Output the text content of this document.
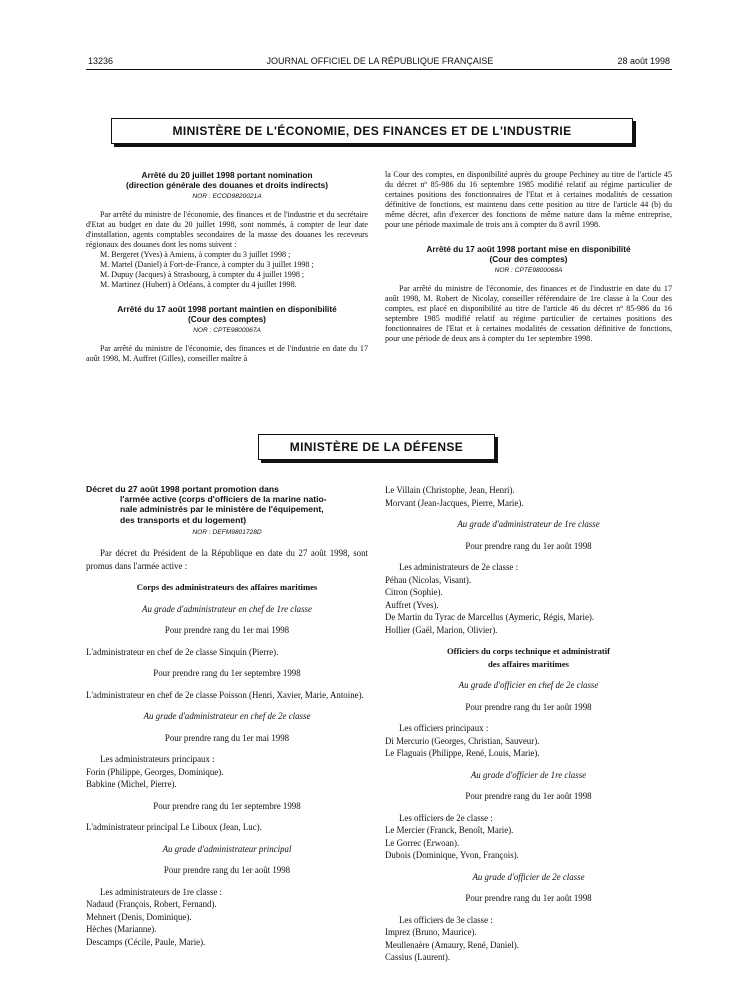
13236	JOURNAL OFFICIEL DE LA RÉPUBLIQUE FRANÇAISE	28 août 1998
MINISTÈRE DE L'ÉCONOMIE, DES FINANCES ET DE L'INDUSTRIE
Arrêté du 20 juillet 1998 portant nomination
(direction générale des douanes et droits indirects)
NOR : ECOD9820021A

Par arrêté du ministre de l'économie, des finances et de l'industrie et du secrétaire d'Etat au budget en date du 20 juillet 1998, sont nommés, à compter de leur date d'installation, agents comptables secondaires de la masse des douanes les receveurs régionaux des douanes dont les noms suivent :

M. Bergeret (Yves) à Amiens, à compter du 3 juillet 1998 ;

M. Martel (Daniel) à Fort-de-France, à compter du 3 juillet 1998 ;

M. Dupuy (Jacques) à Strasbourg, à compter du 4 juillet 1998 ;

M. Martinez (Hubert) à Orléans, à compter du 4 juillet 1998.

Arrêté du 17 août 1998 portant maintien en disponibilité
(Cour des comptes)
NOR : CPTE9800067A

Par arrêté du ministre de l'économie, des finances et de l'industrie en date du 17 août 1998, M. Auffret (Gilles), conseiller maître à

la Cour des comptes, en disponibilité auprès du groupe Pechiney au titre de l'article 45 du décret nº 85-986 du 16 septembre 1985 modifié relatif au régime particulier de certaines positions des fonctionnaires de l'Etat et à certaines modalités de cessation définitive de fonctions, est maintenu dans cette position au titre de l'article 44 (b) du même décret, afin d'exercer des fonctions de même nature dans la même entreprise, pour une période maximale de trois ans à compter du 8 avril 1998.

Arrêté du 17 août 1998 portant mise en disponibilité
(Cour des comptes)
NOR : CPTE9800068A

Par arrêté du ministre de l'économie, des finances et de l'industrie en date du 17 août 1998, M. Robert de Nicolay, conseiller référendaire de 1re classe à la Cour des comptes, est placé en disponibilité au titre de l'article 46 du décret nº 85-986 du 16 septembre 1985 modifié relatif au régime particulier de certaines positions des fonctionnaires de l'Etat et à certaines modalités de cessation définitive de fonctions, pour une période de deux ans à compter du 1er septembre 1998.

MINISTÈRE DE LA DÉFENSE
Décret du 27 août 1998 portant promotion dans
l'armée active (corps d'officiers de la marine natio-
nale administrés par le ministère de l'équipement,
des transports et du logement)
NOR : DEFM9801728D

Par décret du Président de la République en date du 27 août 1998, sont promus dans l'armée active :

Corps des administrateurs des affaires maritimes

Au grade d'administrateur en chef de 1re classe

Pour prendre rang du 1er mai 1998

L'administrateur en chef de 2e classe Sinquin (Pierre).

Pour prendre rang du 1er septembre 1998

L'administrateur en chef de 2e classe Poisson (Henri, Xavier, Marie, Antoine).

Au grade d'administrateur en chef de 2e classe

Pour prendre rang du 1er mai 1998

Les administrateurs principaux :

Forin (Philippe, Georges, Dominique).

Babkine (Michel, Pierre).

Pour prendre rang du 1er septembre 1998

L'administrateur principal Le Liboux (Jean, Luc).

Au grade d'administrateur principal

Pour prendre rang du 1er août 1998

Les administrateurs de 1re classe :

Nadaud (François, Robert, Fernand).

Mehnert (Denis, Dominique).

Hèches (Marianne).

Descamps (Cécile, Paule, Marie).

Le Villain (Christophe, Jean, Henri).

Morvant (Jean-Jacques, Pierre, Marie).

Au grade d'administrateur de 1re classe

Pour prendre rang du 1er août 1998

Les administrateurs de 2e classe :

Péhau (Nicolas, Visant).

Citron (Sophie).

Auffret (Yves).

De Martin du Tyrac de Marcellus (Aymeric, Régis, Marie).

Hollier (Gaël, Marion, Olivier).

Officiers du corps technique et administratif
des affaires maritimes

Au grade d'officier en chef de 2e classe

Pour prendre rang du 1er août 1998

Les officiers principaux :

Di Mercurio (Georges, Christian, Sauveur).

Le Flaguais (Philippe, René, Louis, Marie).

Au grade d'officier de 1re classe

Pour prendre rang du 1er août 1998

Les officiers de 2e classe :

Le Mercier (Franck, Benoît, Marie).

Le Gorrec (Erwoan).

Dubois (Dominique, Yvon, François).

Au grade d'officier de 2e classe

Pour prendre rang du 1er août 1998

Les officiers de 3e classe :

Imprez (Bruno, Maurice).

Meullenaère (Amaury, René, Daniel).

Cassius (Laurent).
